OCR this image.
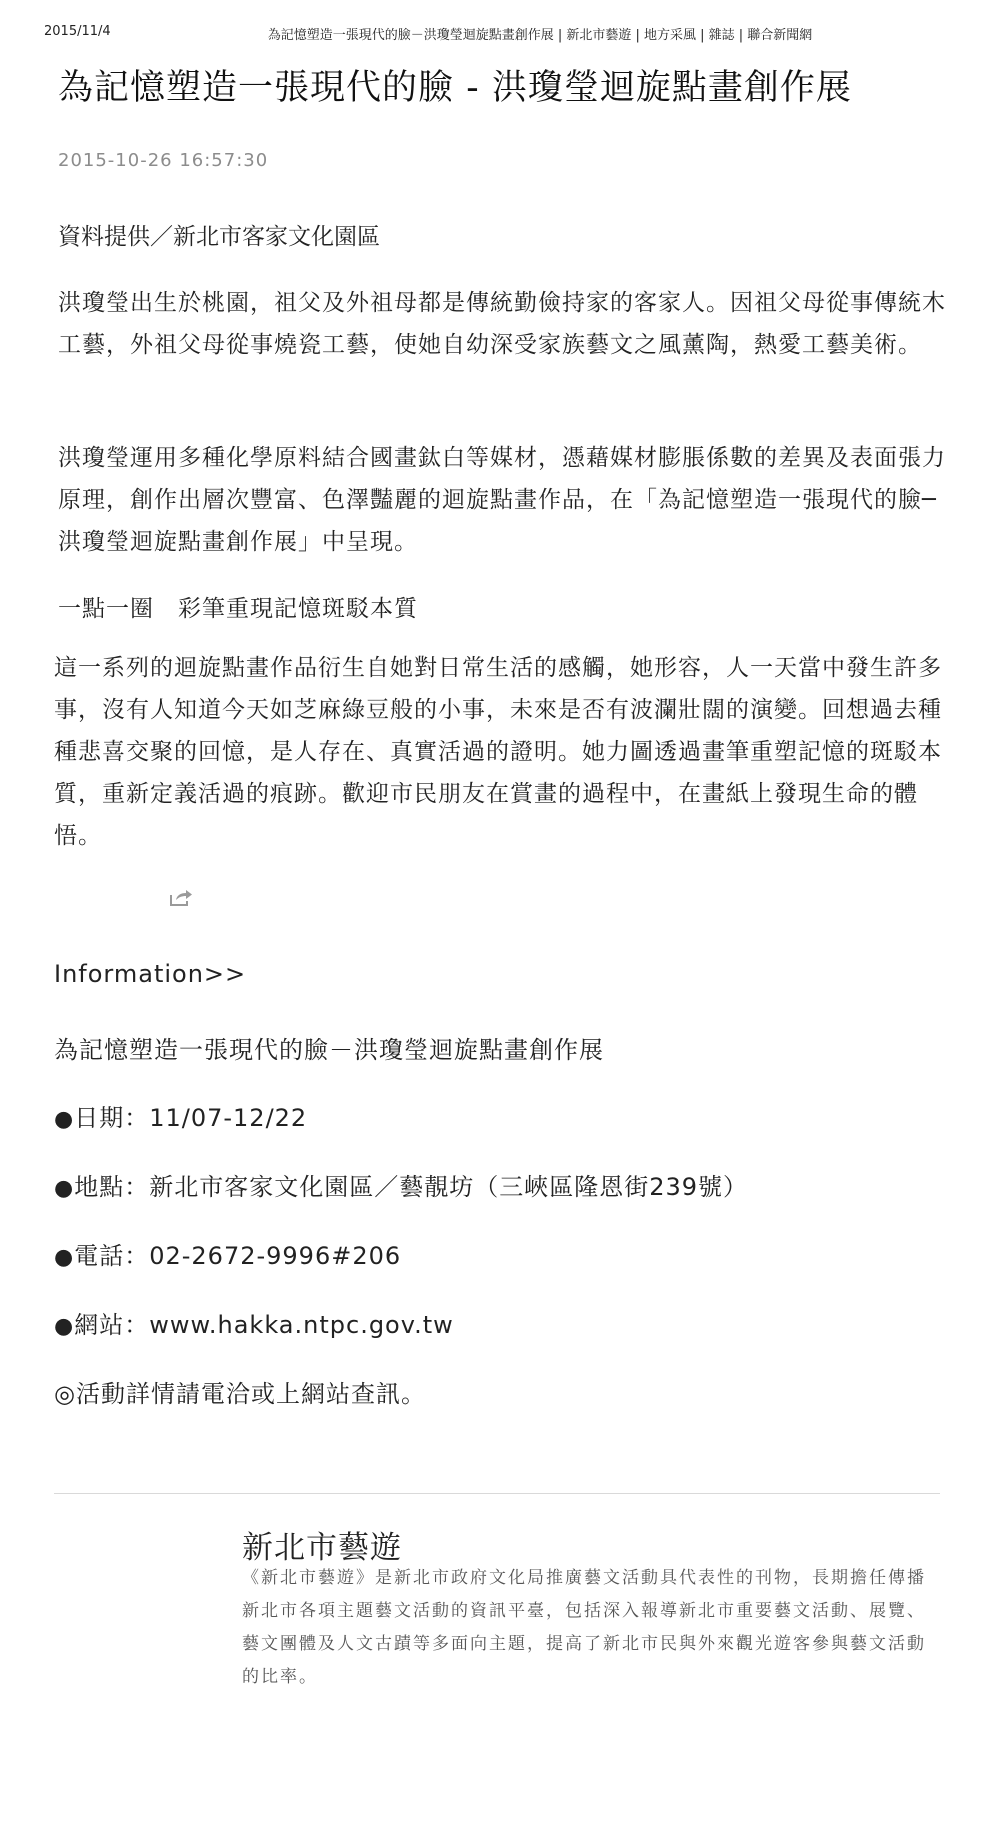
2015/11/4	為記憶塑造一張現代的臉－洪瓊瑩迴旋點畫創作展 | 新北市藝遊 | 地方采風 | 雜誌 | 聯合新聞網
為記憶塑造一張現代的臉 - 洪瓊瑩迴旋點畫創作展
2015-10-26 16:57:30
資料提供／新北市客家文化園區

洪瓊瑩出生於桃園，祖父及外祖母都是傳統勤儉持家的客家人。因祖父母從事傳統木工藝，外祖父母從事燒瓷工藝，使她自幼深受家族藝文之風薰陶，熱愛工藝美術。

洪瓊瑩運用多種化學原料結合國畫鈦白等媒材，憑藉媒材膨脹係數的差異及表面張力原理，創作出層次豐富、色澤豔麗的迴旋點畫作品，在「為記憶塑造一張現代的臉─洪瓊瑩迴旋點畫創作展」中呈現。

一點一圈　彩筆重現記憶斑駁本質

這一系列的迴旋點畫作品衍生自她對日常生活的感觸，她形容，人一天當中發生許多事，沒有人知道今天如芝麻綠豆般的小事，未來是否有波瀾壯闊的演變。回想過去種種悲喜交聚的回憶，是人存在、真實活過的證明。她力圖透過畫筆重塑記憶的斑駁本質，重新定義活過的痕跡。歡迎市民朋友在賞畫的過程中，在畫紙上發現生命的體悟。

Information>>
為記憶塑造一張現代的臉－洪瓊瑩迴旋點畫創作展
●日期：11/07-12/22
●地點：新北市客家文化園區／藝靚坊（三峽區隆恩街239號）
●電話：02-2672-9996#206
●網站：www.hakka.ntpc.gov.tw
◎活動詳情請電洽或上網站查訊。
新北市藝遊

《新北市藝遊》是新北市政府文化局推廣藝文活動具代表性的刊物，長期擔任傳播新北市各項主題藝文活動的資訊平臺，包括深入報導新北市重要藝文活動、展覽、藝文團體及人文古蹟等多面向主題，提高了新北市民與外來觀光遊客參與藝文活動的比率。
